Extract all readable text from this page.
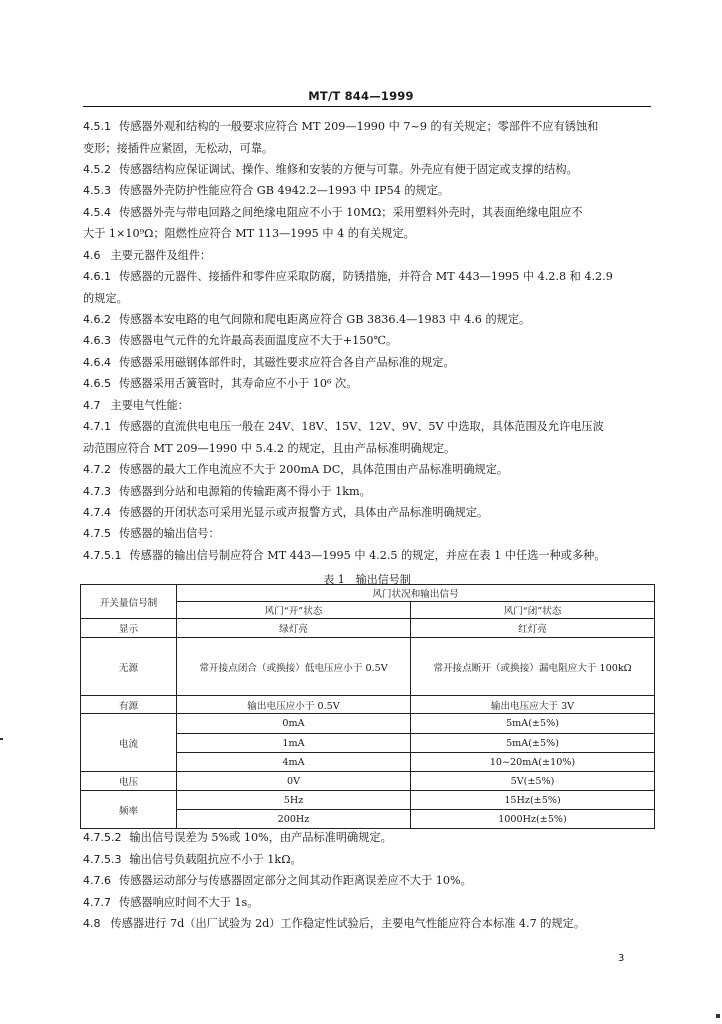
MT/T 844—1999
4.5.1 传感器外观和结构的一般要求应符合 MT 209—1990 中 7~9 的有关规定；零部件不应有锈蚀和
变形；接插件应紧固，无松动，可靠。
4.5.2 传感器结构应保证调试、操作、维修和安装的方便与可靠。外壳应有便于固定或支撑的结构。
4.5.3 传感器外壳防护性能应符合 GB 4942.2—1993 中 IP54 的规定。
4.5.4 传感器外壳与带电回路之间绝缘电阻应不小于 10MΩ；采用塑料外壳时，其表面绝缘电阻应不
大于 1×10⁹Ω；阻燃性应符合 MT 113—1995 中 4 的有关规定。
4.6 主要元器件及组件：
4.6.1 传感器的元器件、接插件和零件应采取防腐，防锈措施，并符合 MT 443—1995 中 4.2.8 和 4.2.9
的规定。
4.6.2 传感器本安电路的电气间隙和爬电距离应符合 GB 3836.4—1983 中 4.6 的规定。
4.6.3 传感器电气元件的允许最高表面温度应不大于+150℃。
4.6.4 传感器采用磁钢体部件时，其磁性要求应符合各自产品标准的规定。
4.6.5 传感器采用舌簧管时，其寿命应不小于 10⁶ 次。
4.7 主要电气性能：
4.7.1 传感器的直流供电电压一般在 24V、18V、15V、12V、9V、5V 中选取，具体范围及允许电压波
动范围应符合 MT 209—1990 中 5.4.2 的规定，且由产品标准明确规定。
4.7.2 传感器的最大工作电流应不大于 200mA DC，具体范围由产品标准明确规定。
4.7.3 传感器到分站和电源箱的传输距离不得小于 1km。
4.7.4 传感器的开闭状态可采用光显示或声报警方式，具体由产品标准明确规定。
4.7.5 传感器的输出信号：
4.7.5.1 传感器的输出信号制应符合 MT 443—1995 中 4.2.5 的规定，并应在表 1 中任选一种或多种。
表 1　输出信号制
开关量信号制	风门状况和输出信号	
	风门“开”状态	风门“闭”状态
显示	绿灯亮	红灯亮
无源	常开接点闭合（或换接）低电压应小于 0.5V	常开接点断开（或换接）漏电阻应大于 100kΩ
有源	输出电压应小于 0.5V	输出电压应大于 3V
电流	0mA	5mA(±5%)
	1mA	5mA(±5%)
	4mA	10~20mA(±10%)
电压	0V	5V(±5%)
频率	5Hz	15Hz(±5%)
	200Hz	1000Hz(±5%)
4.7.5.2 输出信号误差为 5%或 10%，由产品标准明确规定。
4.7.5.3 输出信号负载阻抗应不小于 1kΩ。
4.7.6 传感器运动部分与传感器固定部分之间其动作距离误差应不大于 10%。
4.7.7 传感器响应时间不大于 1s。
4.8 传感器进行 7d（出厂试验为 2d）工作稳定性试验后，主要电气性能应符合本标准 4.7 的规定。
3
